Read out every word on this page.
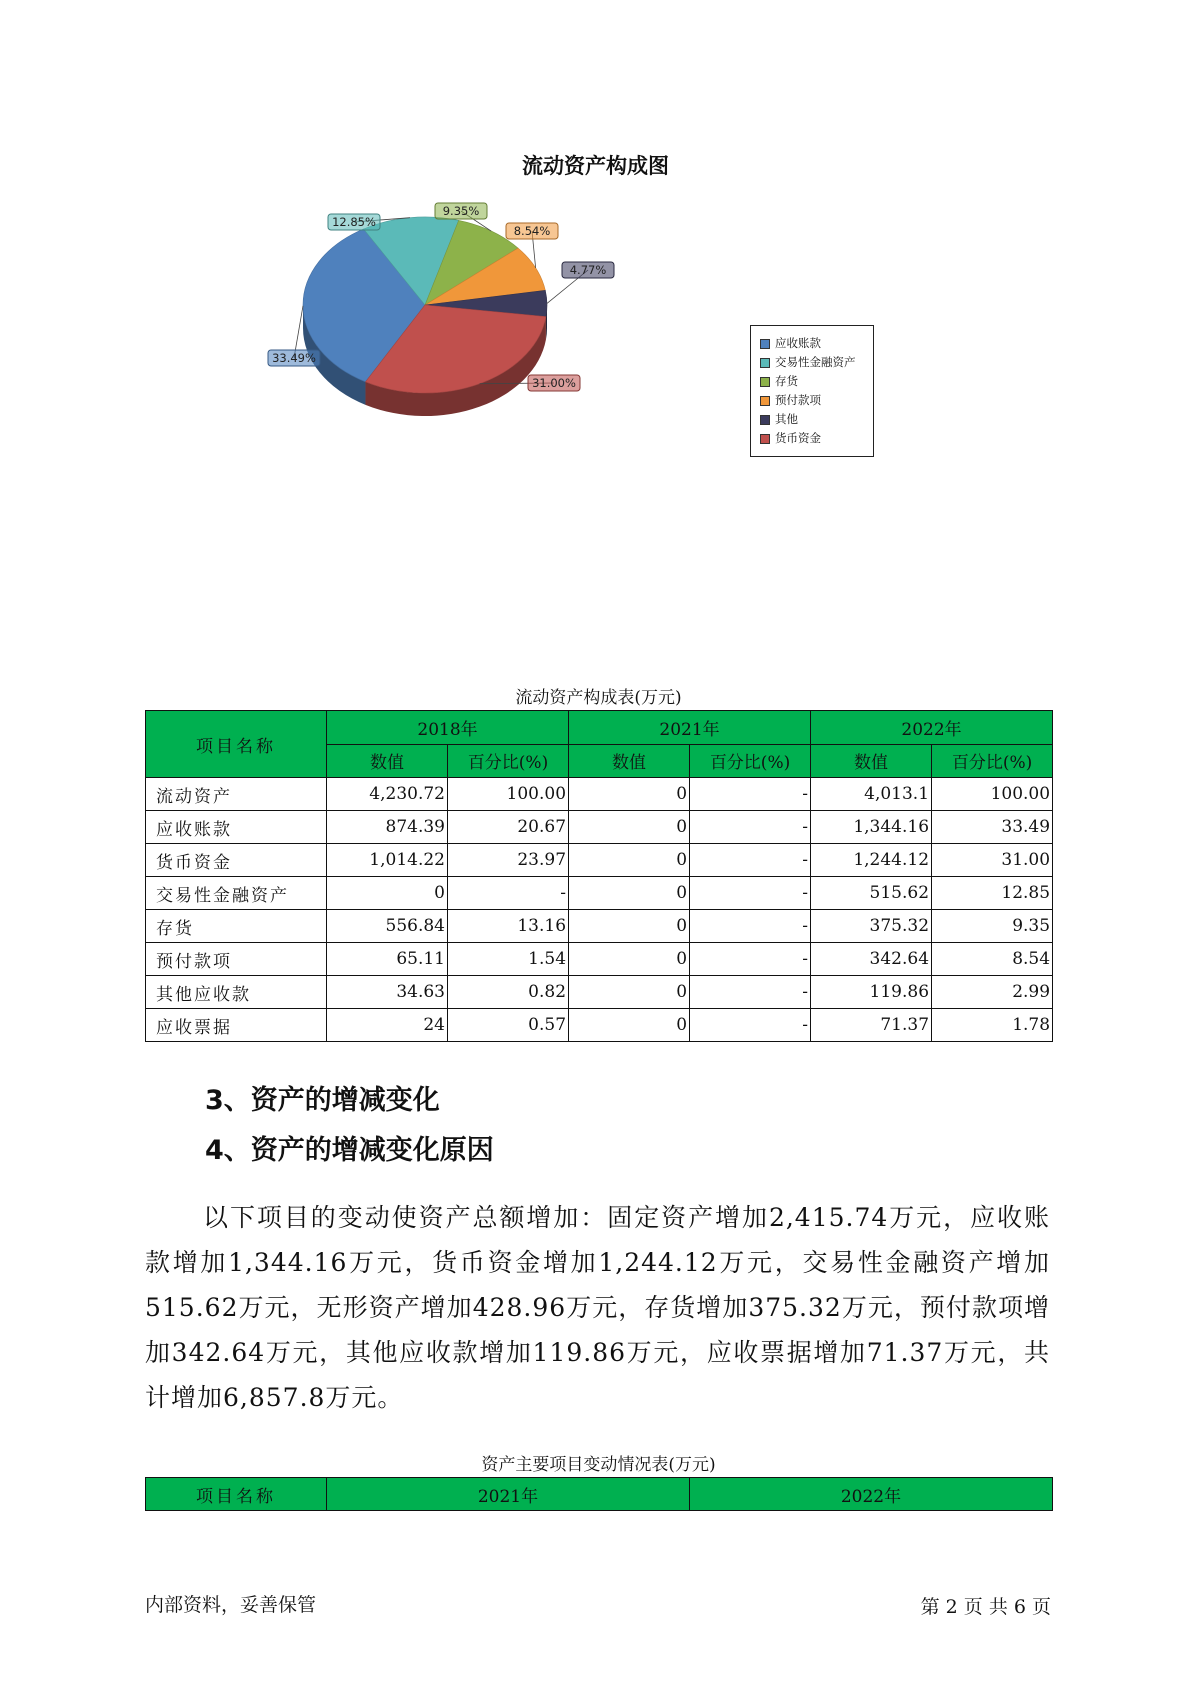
流动资产构成图
33.49%
12.85%
9.35%
8.54%
4.77%
31.00%
应收账款
交易性金融资产
存货
预付款项
其他
货币资金
流动资产构成表(万元)
项目名称	2018年		2021年		2022年	
	数值	百分比(%)	数值	百分比(%)	数值	百分比(%)
流动资产	4,230.72	100.00	0	-	4,013.1	100.00
应收账款	874.39	20.67	0	-	1,344.16	33.49
货币资金	1,014.22	23.97	0	-	1,244.12	31.00
交易性金融资产	0	-	0	-	515.62	12.85
存货	556.84	13.16	0	-	375.32	9.35
预付款项	65.11	1.54	0	-	342.64	8.54
其他应收款	34.63	0.82	0	-	119.86	2.99
应收票据	24	0.57	0	-	71.37	1.78
3、资产的增减变化
4、资产的增减变化原因
以下项目的变动使资产总额增加：固定资产增加2,415.74万元，应收账款增加1,344.16万元，货币资金增加1,244.12万元，交易性金融资产增加515.62万元，无形资产增加428.96万元，存货增加375.32万元，预付款项增加342.64万元，其他应收款增加119.86万元，应收票据增加71.37万元，共计增加6,857.8万元。
资产主要项目变动情况表(万元)
项目名称	2021年	2022年
内部资料，妥善保管	第 2 页 共 6 页
